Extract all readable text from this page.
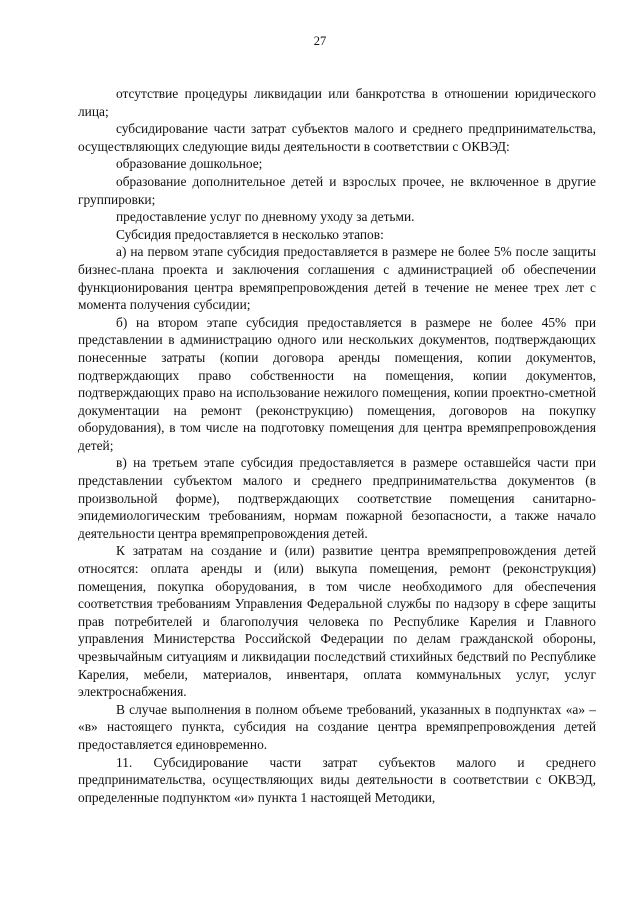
27

отсутствие процедуры ликвидации или банкротства в отношении юридического лица;

субсидирование части затрат субъектов малого и среднего предпринимательства, осуществляющих следующие виды деятельности в соответствии с ОКВЭД:

образование дошкольное;

образование дополнительное детей и взрослых прочее, не включенное в другие группировки;

предоставление услуг по дневному уходу за детьми.

Субсидия предоставляется в несколько этапов:

а) на первом этапе субсидия предоставляется в размере не более 5% после защиты бизнес-плана проекта и заключения соглашения с администрацией об обеспечении функционирования центра времяпрепровождения детей в течение не менее трех лет с момента получения субсидии;

б) на втором этапе субсидия предоставляется в размере не более 45% при представлении в администрацию одного или нескольких документов, подтверждающих понесенные затраты (копии договора аренды помещения, копии документов, подтверждающих право собственности на помещения, копии документов, подтверждающих право на использование нежилого помещения, копии проектно-сметной документации на ремонт (реконструкцию) помещения, договоров на покупку оборудования), в том числе на подготовку помещения для центра времяпрепровождения детей;

в) на третьем этапе субсидия предоставляется в размере оставшейся части при представлении субъектом малого и среднего предпринимательства документов (в произвольной форме), подтверждающих соответствие помещения санитарно-эпидемиологическим требованиям, нормам пожарной безопасности, а также начало деятельности центра времяпрепровождения детей.

К затратам на создание и (или) развитие центра времяпрепровождения детей относятся: оплата аренды и (или) выкупа помещения, ремонт (реконструкция) помещения, покупка оборудования, в том числе необходимого для обеспечения соответствия требованиям Управления Федеральной службы по надзору в сфере защиты прав потребителей и благополучия человека по Республике Карелия и Главного управления Министерства Российской Федерации по делам гражданской обороны, чрезвычайным ситуациям и ликвидации последствий стихийных бедствий по Республике Карелия, мебели, материалов, инвентаря, оплата коммунальных услуг, услуг электроснабжения.

В случае выполнения в полном объеме требований, указанных в подпунктах «а» – «в» настоящего пункта, субсидия на создание центра времяпрепровождения детей предоставляется единовременно.

11. Субсидирование части затрат субъектов малого и среднего предпринимательства, осуществляющих виды деятельности в соответствии с ОКВЭД, определенные подпунктом «и» пункта 1 настоящей Методики,
